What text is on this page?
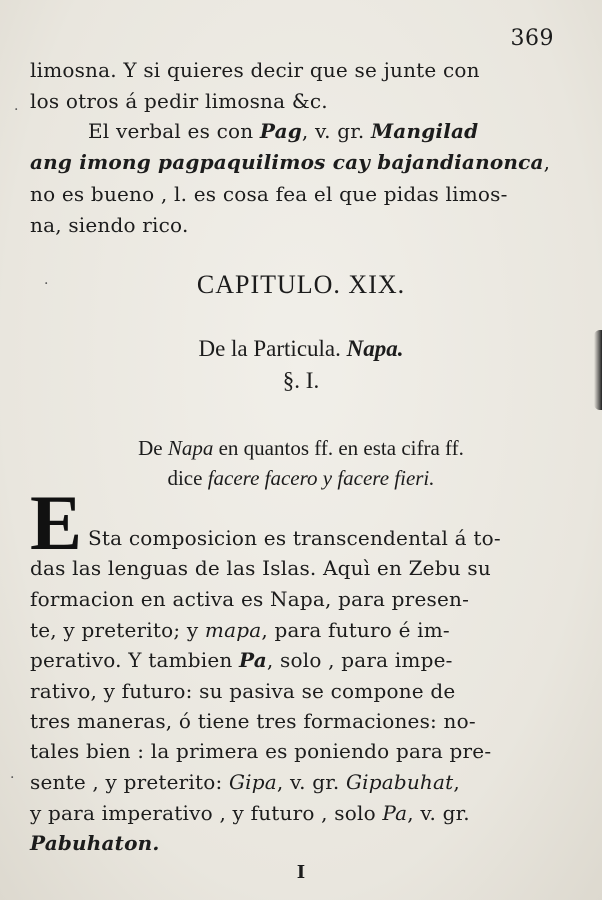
369
limosna. Y si quieres decir que se junte con
los otros á pedir limosna &c.
El verbal es con Pag, v. gr. Mangilad
ang imong pagpaquilimos cay bajandianonca,
no es bueno , l. es cosa fea el que pidas limos-
na, siendo rico.
CAPITULO. XIX.
De la Particula. Napa.
§. I.
De Napa en quantos ff. en esta cifra ff.
dice facere facero y facere fieri.
E Sta composicion es transcendental á to-
das las lenguas de las Islas. Aquì en Zebu su
formacion en activa es Napa, para presen-
te, y preterito; y mapa, para futuro é im-
perativo. Y tambien Pa, solo , para impe-
rativo, y futuro: su pasiva se compone de
tres maneras, ó tiene tres formaciones: no-
tales bien : la primera es poniendo para pre-
sente , y preterito: Gipa, v. gr. Gipabuhat,
y para imperativo , y futuro , solo Pa, v. gr.
Pabuhaton.
I
·
·
·
